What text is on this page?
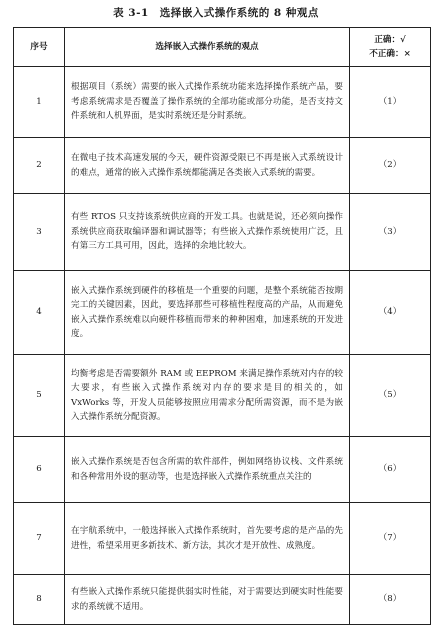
表 3-1　选择嵌入式操作系统的 8 种观点
序号	选择嵌入式操作系统的观点	正确：√
不正确：×

1	根据项目（系统）需要的嵌入式操作系统功能来选择操作系统产品，要考虑系统需求是否覆盖了操作系统的全部功能或部分功能，是否支持文件系统和人机界面，是实时系统还是分时系统。	（1）
2	在微电子技术高速发展的今天，硬件资源受限已不再是嵌入式系统设计的难点，通常的嵌入式操作系统都能满足各类嵌入式系统的需要。	（2）
3	有些 RTOS 只支持该系统供应商的开发工具。也就是说，还必须向操作系统供应商获取编译器和调试器等；有些嵌入式操作系统使用广泛，且有第三方工具可用，因此，选择的余地比较大。	（3）
4	嵌入式操作系统到硬件的移植是一个重要的问题，是整个系统能否按期完工的关键因素，因此，要选择那些可移植性程度高的产品，从而避免嵌入式操作系统难以向硬件移植而带来的种种困难，加速系统的开发进度。	（4）
5	均衡考虑是否需要额外 RAM 或 EEPROM 来满足操作系统对内存的较大要求，有些嵌入式操作系统对内存的要求是目的相关的，如 VxWorks 等，开发人员能够按照应用需求分配所需资源，而不是为嵌入式操作系统分配资源。	（5）
6	嵌入式操作系统是否包含所需的软件部件，例如网络协议栈、文件系统和各种常用外设的驱动等，也是选择嵌入式操作系统重点关注的	（6）
7	在宇航系统中，一般选择嵌入式操作系统时，首先要考虑的是产品的先进性，希望采用更多新技术、新方法，其次才是开放性、成熟度。	（7）
8	有些嵌入式操作系统只能提供弱实时性能，对于需要达到硬实时性能要求的系统就不适用。	（8）
